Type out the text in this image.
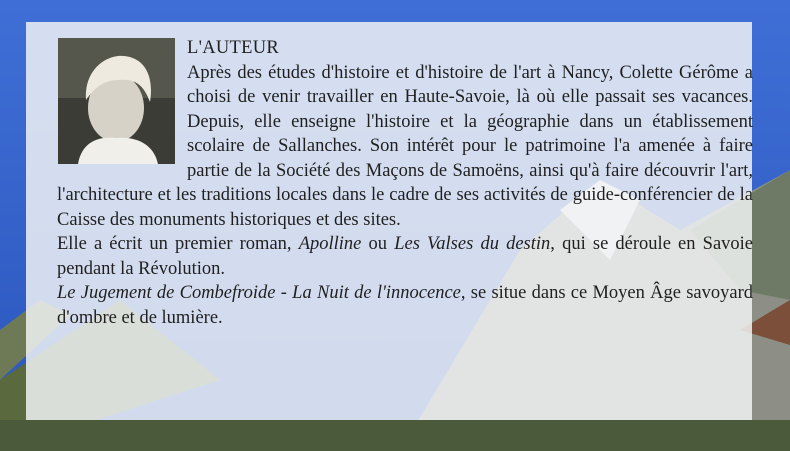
L'AUTEUR
Après des études d'histoire et d'histoire de l'art à Nancy, Colette Gérôme a choisi de venir travailler en Haute-Savoie, là où elle passait ses vacances. Depuis, elle enseigne l'histoire et la géographie dans un établissement scolaire de Sallanches. Son intérêt pour le patrimoine l'a amenée à faire partie de la Société des Maçons de Samoëns, ainsi qu'à faire découvrir l'art, l'architecture et les traditions locales dans le cadre de ses activités de guide-conférencier de la Caisse des monuments historiques et des sites.
Elle a écrit un premier roman, Apolline ou Les Valses du destin, qui se déroule en Savoie pendant la Révolution.
Le Jugement de Combefroide - La Nuit de l'innocence, se situe dans ce Moyen Âge savoyard d'ombre et de lumière.
